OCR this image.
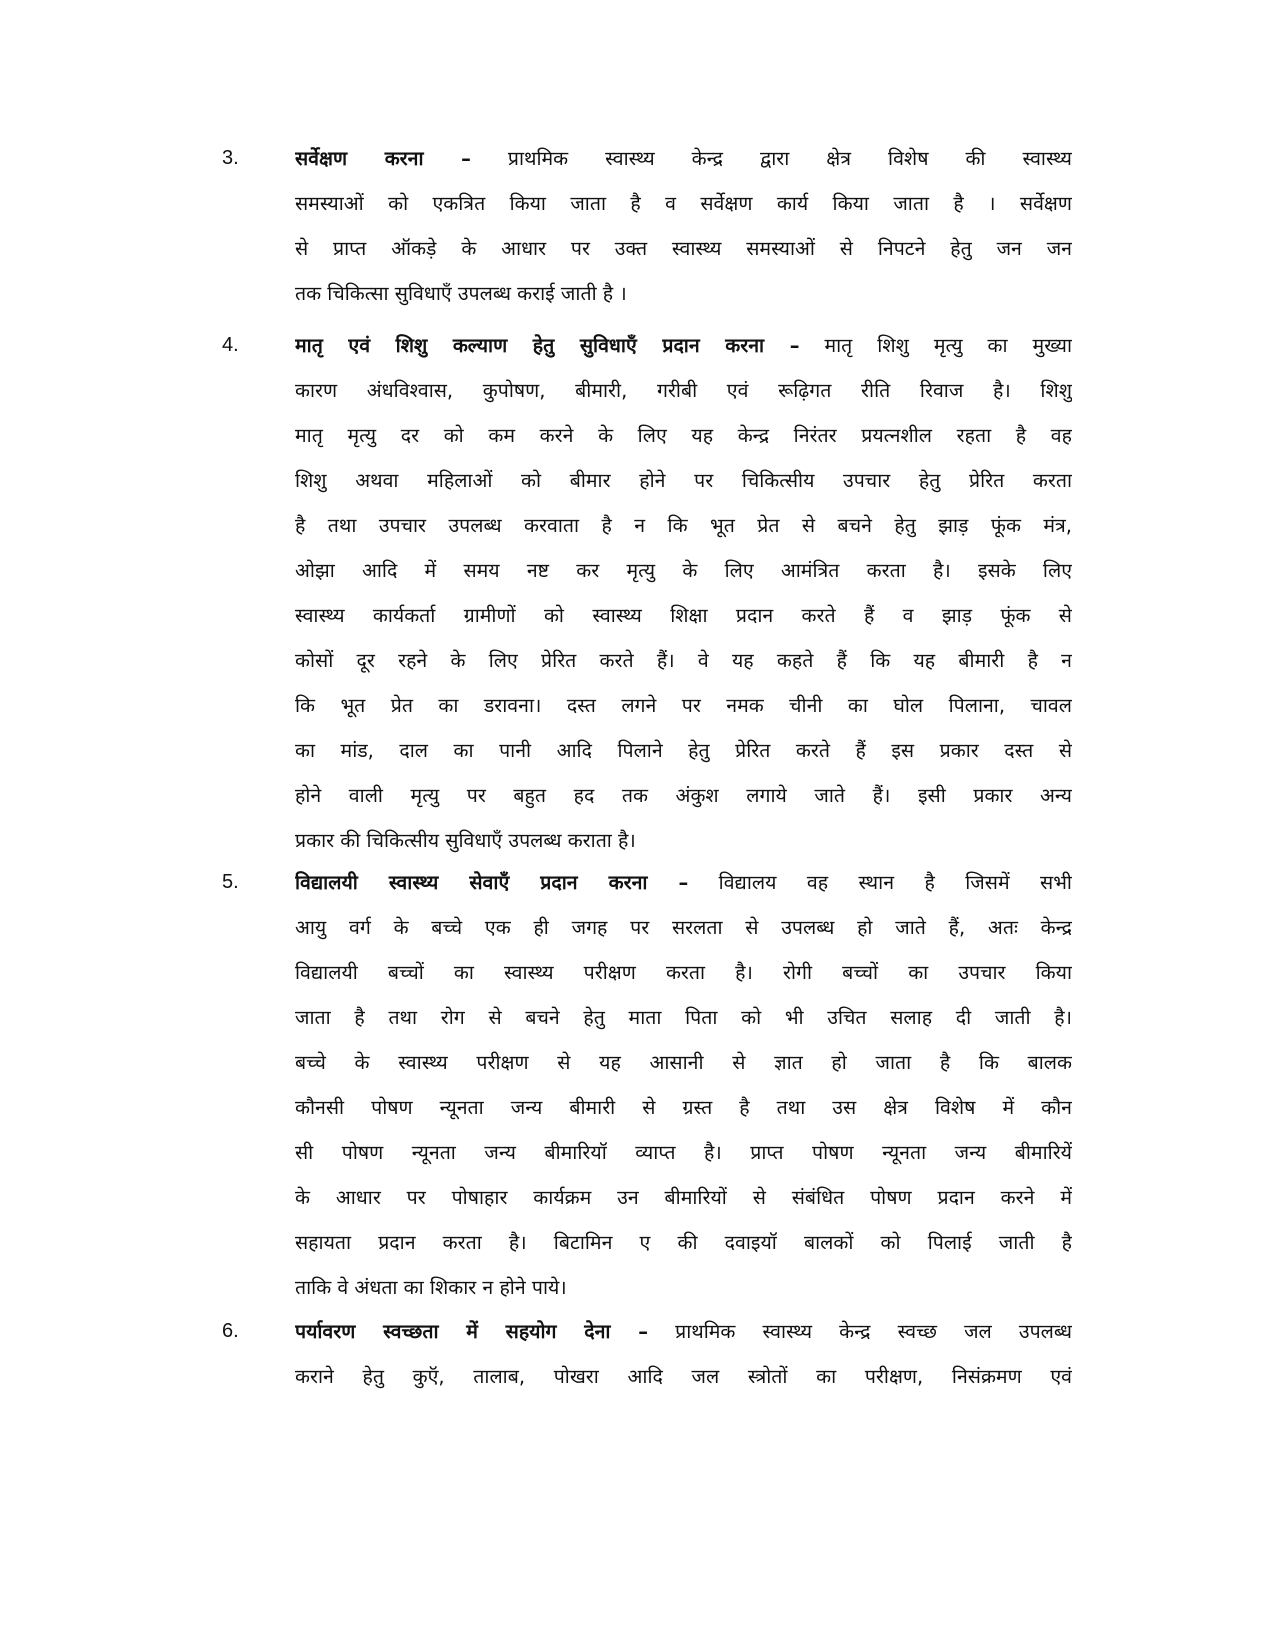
3.	सर्वेक्षण करना – प्राथमिक स्वास्थ्य केन्द्र द्वारा क्षेत्र विशेष की स्वास्थ्य
समस्याओं को एकत्रित किया जाता है व सर्वेक्षण कार्य किया जाता है । सर्वेक्षण
से प्राप्त ऑकड़े के आधार पर उक्त स्वास्थ्य समस्याओं से निपटने हेतु जन जन
तक चिकित्सा सुविधाएँ उपलब्ध कराई जाती है ।
4.	मातृ एवं शिशु कल्याण हेतु सुविधाएँ प्रदान करना – मातृ शिशु मृत्यु का मुख्या
कारण अंधविश्वास, कुपोषण, बीमारी, गरीबी एवं रूढ़िगत रीति रिवाज है। शिशु
मातृ मृत्यु दर को कम करने के लिए यह केन्द्र निरंतर प्रयत्नशील रहता है वह
शिशु अथवा महिलाओं को बीमार होने पर चिकित्सीय उपचार हेतु प्रेरित करता
है तथा उपचार उपलब्ध करवाता है न कि भूत प्रेत से बचने हेतु झाड़ फूंक मंत्र,
ओझा आदि में समय नष्ट कर मृत्यु के लिए आमंत्रित करता है। इसके लिए
स्वास्थ्य कार्यकर्ता ग्रामीणों को स्वास्थ्य शिक्षा प्रदान करते हैं व झाड़ फूंक से
कोसों दूर रहने के लिए प्रेरित करते हैं। वे यह कहते हैं कि यह बीमारी है न
कि भूत प्रेत का डरावना। दस्त लगने पर नमक चीनी का घोल पिलाना, चावल
का मांड, दाल का पानी आदि पिलाने हेतु प्रेरित करते हैं इस प्रकार दस्त से
होने वाली मृत्यु पर बहुत हद तक अंकुश लगाये जाते हैं। इसी प्रकार अन्य
प्रकार की चिकित्सीय सुविधाएँ उपलब्ध कराता है।
5.	विद्यालयी स्वास्थ्य सेवाएँ प्रदान करना – विद्यालय वह स्थान है जिसमें सभी
आयु वर्ग के बच्चे एक ही जगह पर सरलता से उपलब्ध हो जाते हैं, अतः केन्द्र
विद्यालयी बच्चों का स्वास्थ्य परीक्षण करता है। रोगी बच्चों का उपचार किया
जाता है तथा रोग से बचने हेतु माता पिता को भी उचित सलाह दी जाती है।
बच्चे के स्वास्थ्य परीक्षण से यह आसानी से ज्ञात हो जाता है कि बालक
कौनसी पोषण न्यूनता जन्य बीमारी से ग्रस्त है तथा उस क्षेत्र विशेष में कौन
सी पोषण न्यूनता जन्य बीमारियॉ व्याप्त है। प्राप्त पोषण न्यूनता जन्य बीमारियें
के आधार पर पोषाहार कार्यक्रम उन बीमारियों से संबंधित पोषण प्रदान करने में
सहायता प्रदान करता है। बिटामिन ए की दवाइयॉ बालकों को पिलाई जाती है
ताकि वे अंधता का शिकार न होने पाये।
6.	पर्यावरण स्वच्छता में सहयोग देना – प्राथमिक स्वास्थ्य केन्द्र स्वच्छ जल उपलब्ध
कराने हेतु कुऍ, तालाब, पोखरा आदि जल स्त्रोतों का परीक्षण, निसंक्रमण एवं
